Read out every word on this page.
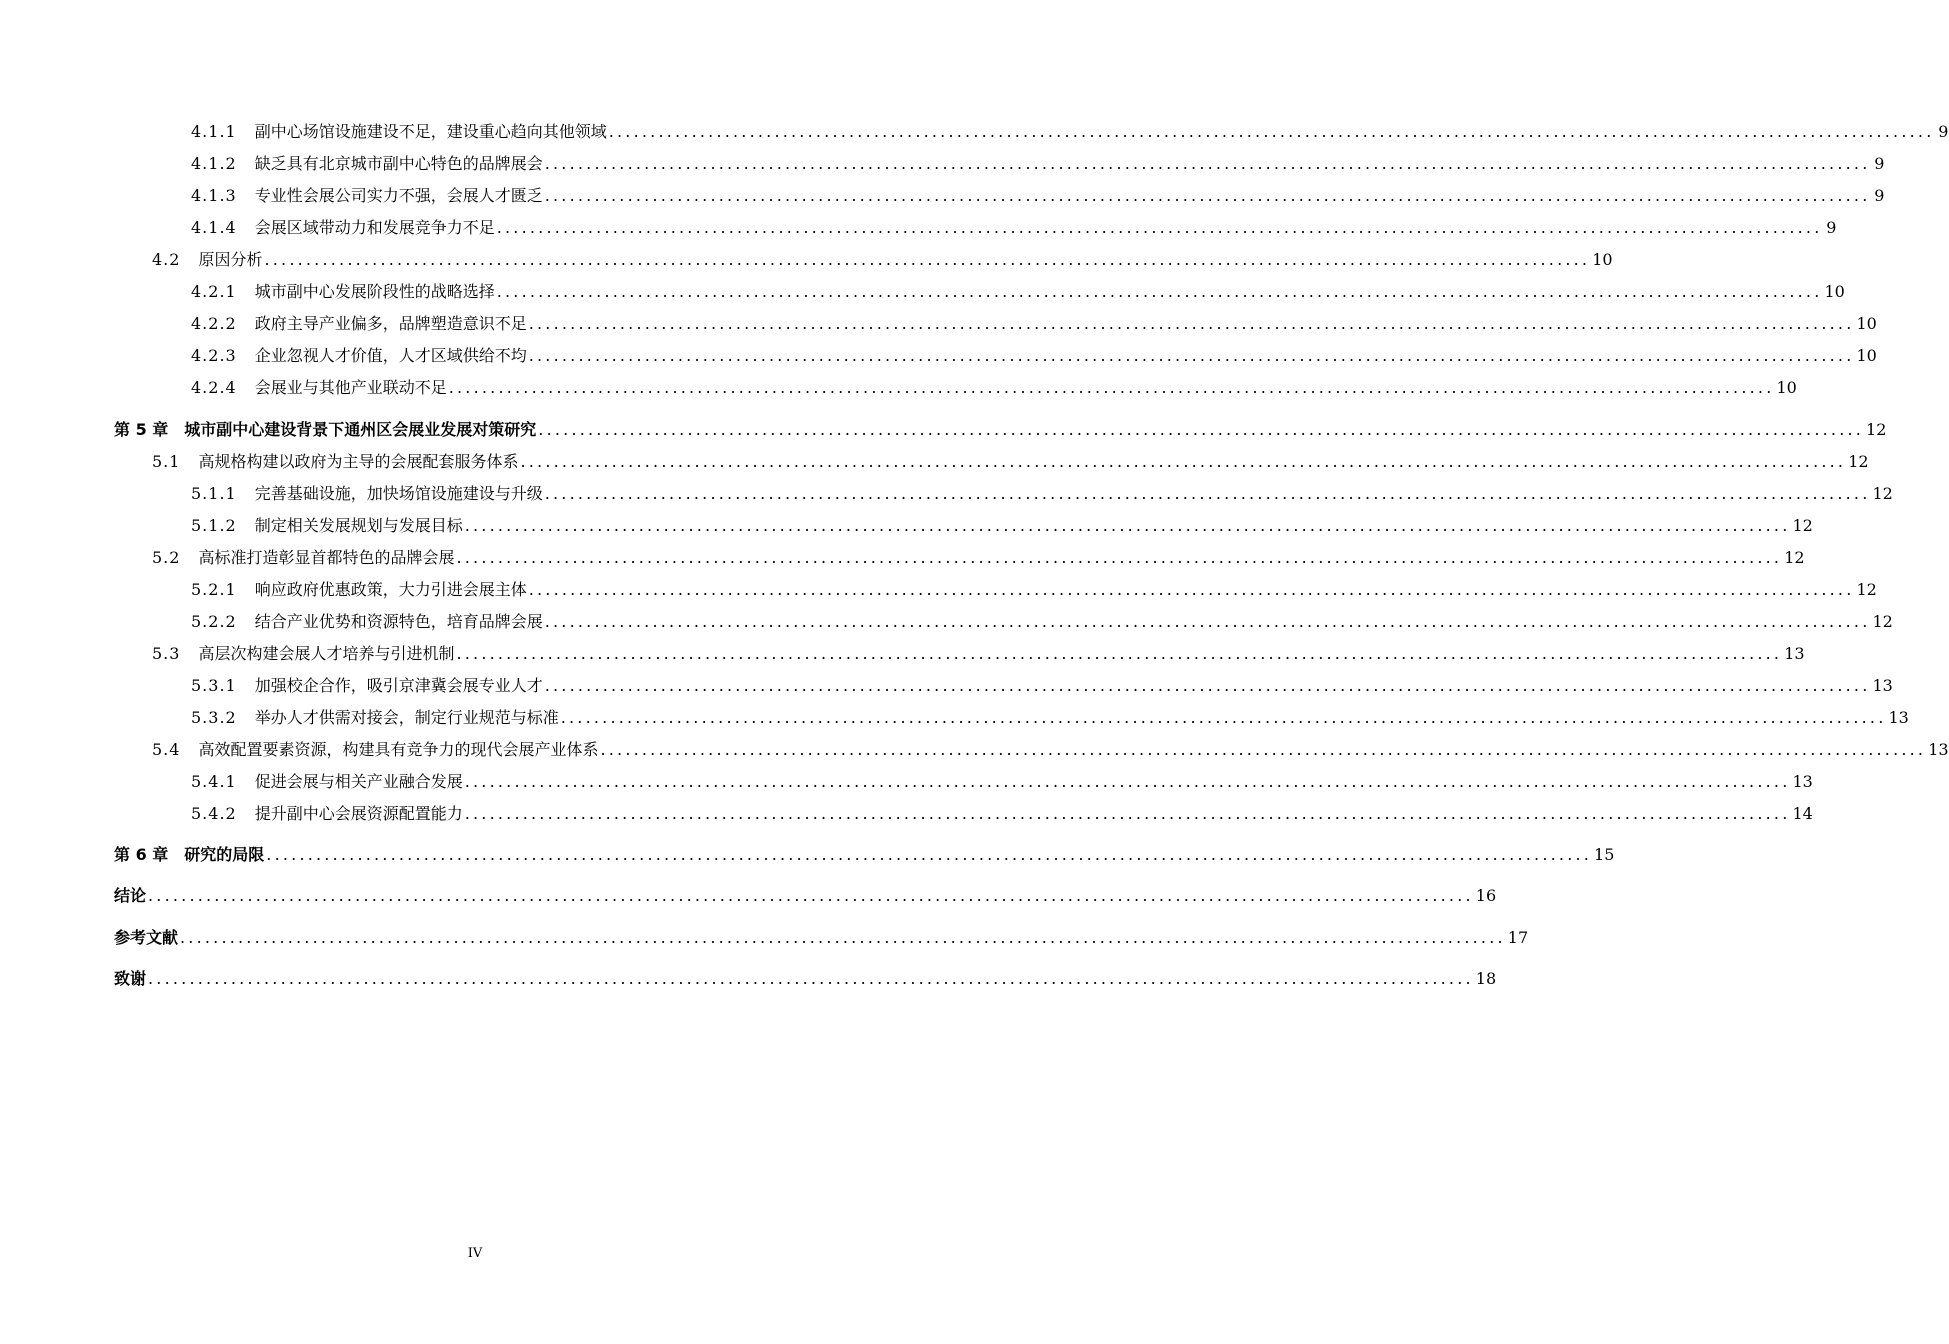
4.1.1 副中心场馆设施建设不足，建设重心趋向其他领域 ................................................................................................................................................................ 9
4.1.2 缺乏具有北京城市副中心特色的品牌展会 ................................................................................................................................................................ 9
4.1.3 专业性会展公司实力不强，会展人才匮乏 ................................................................................................................................................................ 9
4.1.4 会展区域带动力和发展竞争力不足 ................................................................................................................................................................ 9
4.2 原因分析 ................................................................................................................................................................ 10
4.2.1 城市副中心发展阶段性的战略选择 ................................................................................................................................................................ 10
4.2.2 政府主导产业偏多，品牌塑造意识不足 ................................................................................................................................................................ 10
4.2.3 企业忽视人才价值，人才区域供给不均 ................................................................................................................................................................ 10
4.2.4 会展业与其他产业联动不足 ................................................................................................................................................................ 10
第 5 章 城市副中心建设背景下通州区会展业发展对策研究 ................................................................................................................................................................ 12
5.1 高规格构建以政府为主导的会展配套服务体系 ................................................................................................................................................................ 12
5.1.1 完善基础设施，加快场馆设施建设与升级 ................................................................................................................................................................ 12
5.1.2 制定相关发展规划与发展目标 ................................................................................................................................................................ 12
5.2 高标准打造彰显首都特色的品牌会展 ................................................................................................................................................................ 12
5.2.1 响应政府优惠政策，大力引进会展主体 ................................................................................................................................................................ 12
5.2.2 结合产业优势和资源特色，培育品牌会展 ................................................................................................................................................................ 12
5.3 高层次构建会展人才培养与引进机制 ................................................................................................................................................................ 13
5.3.1 加强校企合作，吸引京津冀会展专业人才 ................................................................................................................................................................ 13
5.3.2 举办人才供需对接会，制定行业规范与标准 ................................................................................................................................................................ 13
5.4 高效配置要素资源，构建具有竞争力的现代会展产业体系 ................................................................................................................................................................ 13
5.4.1 促进会展与相关产业融合发展 ................................................................................................................................................................ 13
5.4.2 提升副中心会展资源配置能力 ................................................................................................................................................................ 14
第 6 章 研究的局限 ................................................................................................................................................................ 15
结论 ................................................................................................................................................................ 16
参考文献 ................................................................................................................................................................ 17
致谢 ................................................................................................................................................................ 18
IV
